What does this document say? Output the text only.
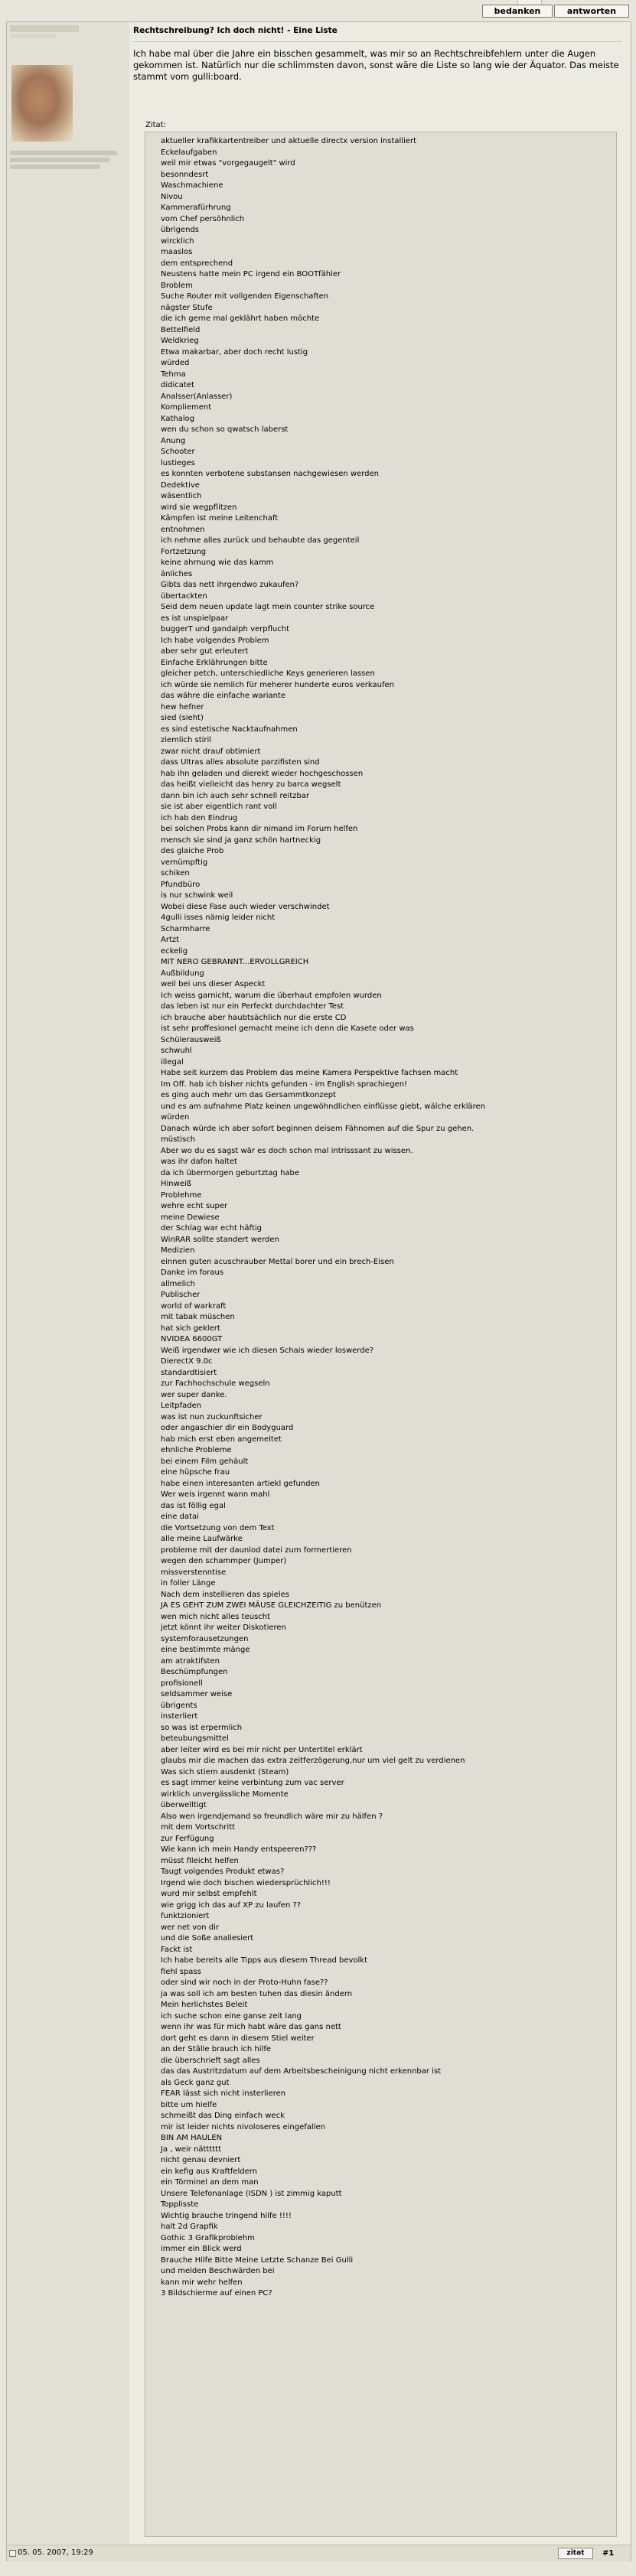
bedanken	antworten
Rechtschreibung? Ich doch nicht! - Eine Liste
Ich habe mal über die Jahre ein bisschen gesammelt, was mir so an Rechtschreibfehlern unter die Augen gekommen ist. Natürlich nur die schlimmsten davon, sonst wäre die Liste so lang wie der Äquator. Das meiste stammt vom gulli:board.
Zitat:
aktueller krafikkartentreiber und aktuelle directx version installiert
Eckelaufgaben
weil mir etwas "vorgegaugelt" wird
besonndesrt
Waschmachiene
Nivou
Kammerafürhrung
vom Chef persöhnlich
übrigends
wircklich
maaslos
dem entsprechend
Neustens hatte mein PC irgend ein BOOTfähler
Broblem
Suche Router mit vollgenden Eigenschaften
nägster Stufe
die ich gerne mal geklährt haben möchte
Bettelfield
Weldkrieg
Etwa makarbar, aber doch recht lustig
würded
Tehma
didicatet
Analsser(Anlasser)
Kompliement
Kathalog
wen du schon so qwatsch laberst
Anung
Schooter
lustieges
es konnten verbotene substansen nachgewiesen werden
Dedektive
wäsentlich
wird sie wegpflitzen
Kämpfen ist meine Leitenchaft
entnohmen
ich nehme alles zurück und behaubte das gegenteil
Fortzetzung
keine ahrnung wie das kamm
änliches
Gibts das nett ihrgendwo zukaufen?
übertackten
Seid dem neuen update lagt mein counter strike source
es ist unspielpaar
buggerT und gandalph verpflucht
Ich habe volgendes Problem
aber sehr gut erleutert
Einfache Erklährungen bitte
gleicher petch, unterschiedliche Keys generieren lassen
ich würde sie nemlich für meherer hunderte euros verkaufen
das währe die einfache wariante
hew hefner
sied (sieht)
es sind estetische Nacktaufnahmen
ziemlich stiril
zwar nicht drauf obtimiert
dass Ultras alles absolute parzifisten sind
hab ihn geladen und dierekt wieder hochgeschossen
das heißt vielleicht das henry zu barca wegselt
dann bin ich auch sehr schnell reitzbar
sie ist aber eigentlich rant voll
ich hab den Eindrug
bei solchen Probs kann dir nimand im Forum helfen
mensch sie sind ja ganz schön hartneckig
des glaiche Prob
vernümpftig
schiken
Pfundbüro
is nur schwink weil
Wobei diese Fase auch wieder verschwindet
4gulli isses nämig leider nicht
Scharmharre
Artzt
eckelig
MIT NERO GEBRANNT...ERVOLLGREICH
Außbildung
weil bei uns dieser Aspeckt
Ich weiss garnicht, warum die überhaut empfolen wurden
das leben ist nur ein Perfeckt durchdachter Test
ich brauche aber haubtsächlich nur die erste CD
ist sehr proffesionel gemacht meine ich denn die Kasete oder was
Schülerausweiß
schwuhl
illegal
Habe seit kurzem das Problem das meine Kamera Perspektive fachsen macht
Im Off. hab ich bisher nichts gefunden - im English sprachiegen!
es ging auch mehr um das Gersammtkonzept
und es am aufnahme Platz keinen ungewöhndlichen einflüsse giebt, wälche erklären
würden
Danach würde ich aber sofort beginnen deisem Fähnomen auf die Spur zu gehen.
müstisch
Aber wo du es sagst wär es doch schon mal intrisssant zu wissen.
was ihr dafon haltet
da ich übermorgen geburtztag habe
Hinweiß
Problehme
wehre echt super
meine Dewiese
der Schlag war echt häftig
WinRAR sollte standert werden
Medizien
einnen guten acuschrauber Mettal borer und ein brech-Eisen
Danke im foraus
allmelich
Publischer
world of warkraft
mit tabak müschen
hat sich geklert
NVIDEA 6600GT
Weiß irgendwer wie ich diesen Schais wieder loswerde?
DierectX 9.0c
standardtisiert
zur Fachhochschule wegseln
wer super danke.
Leitpfaden
was ist nun zuckunftsicher
oder angaschier dir ein Bodyguard
hab mich erst eben angemeltet
ehnliche Probleme
bei einem Film gehäult
eine hüpsche frau
habe einen interesanten artiekl gefunden
Wer weis irgennt wann mahl
das ist föllig egal
eine datai
die Vortsetzung von dem Text
alle meine Laufwärke
probleme mit der daunlod datei zum formertieren
wegen den schammper (Jumper)
missverstenntise
in foller Länge
Nach dem instellieren das spieles
JA ES GEHT ZUM ZWEI MÄUSE GLEICHZEITIG zu benützen
wen mich nicht alles teuscht
jetzt könnt ihr weiter Diskotieren
systemforausetzungen
eine bestimmte mänge
am atraktifsten
Beschümpfungen
profisionell
seldsammer weise
übrigents
insterliert
so was ist erpermlich
beteubungsmittel
aber leiter wird es bei mir nicht per Untertitel erklärt
glaubs mir die machen das extra zeitferzögerung,nur um viel gelt zu verdienen
Was sich stiem ausdenkt (Steam)
es sagt immer keine verbintung zum vac server
wirklich unvergässliche Momente
überwelltigt
Also wen irgendjemand so freundlich wäre mir zu hälfen ?
mit dem Vortschritt
zur Ferfügung
Wie kann ich mein Handy entspeeren???
müsst fileicht helfen
Taugt volgendes Produkt etwas?
Irgend wie doch bischen wiedersprüchlich!!!
wurd mir selbst empfehlt
wie grigg ich das auf XP zu laufen ??
funktzioniert
wer net von dir
und die Soße analiesiert
Fackt ist
Ich habe bereits alle Tipps aus diesem Thread bevolkt
fiehl spass
oder sind wir noch in der Proto-Huhn fase??
ja was soll ich am besten tuhen das diesin ändern
Mein herlichstes Beleit
ich suche schon eine ganse zeit lang
wenn ihr was für mich habt wäre das gans nett
dort geht es dann in diesem Stiel weiter
an der Ställe brauch ich hilfe
die überschrieft sagt alles
das das Austritzdatum auf dem Arbeitsbescheinigung nicht erkennbar ist
als Geck ganz gut
FEAR lässt sich nicht insterlieren
bitte um hielfe
schmeißt das Ding einfach weck
mir ist leider nichts nivoloseres eingefallen
BIN AM HAULEN
Ja , weir nätttttt
nicht genau devniert
ein kefig aus Kraftfeldern
ein Törminel an dem man
Unsere Telefonanlage (ISDN ) ist zimmig kaputt
Topplisste
Wichtig brauche tringend hilfe !!!!
halt 2d Grapfik
Gothic 3 Grafikproblehm
immer ein Blick werd
Brauche Hilfe Bitte Meine Letzte Schanze Bei Gulli
und melden Beschwärden bei
kann mir wehr helfen
3 Bildschierme auf einen PC?
05. 05. 2007, 19:29	zitat	#1
